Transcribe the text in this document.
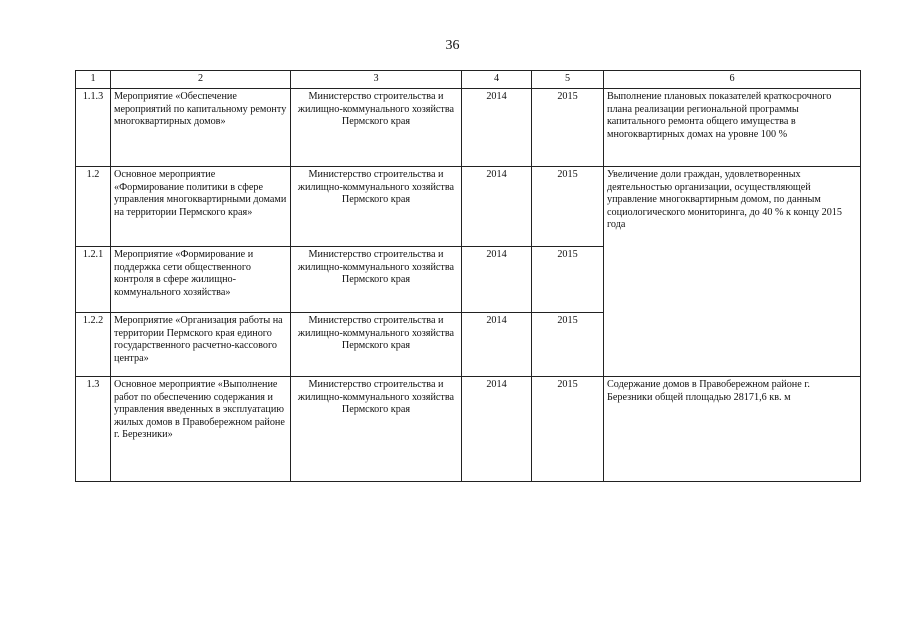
36
1	2	3	4	5	6
1.1.3	Мероприятие «Обеспечение мероприятий по капитальному ремонту многоквартирных домов»	Министерство строительства и жилищно-коммунального хозяйства Пермского края	2014	2015	Выполнение плановых показателей краткосрочного плана реализации региональной программы капитального ремонта общего имущества в многоквартирных домах на уровне 100 %
1.2	Основное мероприятие «Формирование политики в сфере управления многоквартирными домами на территории Пермского края»	Министерство строительства и жилищно-коммунального хозяйства Пермского края	2014	2015	Увеличение доли граждан, удовлетворенных деятельностью организации, осуществляющей управление многоквартирным домом, по данным социологического мониторинга, до 40 % к концу 2015 года
1.2.1	Мероприятие «Формирование и поддержка сети общественного контроля в сфере жилищно-коммунального хозяйства»	Министерство строительства и жилищно-коммунального хозяйства Пермского края	2014	2015	
1.2.2	Мероприятие «Организация работы на территории Пермского края единого государственного расчетно-кассового центра»	Министерство строительства и жилищно-коммунального хозяйства Пермского края	2014	2015	
1.3	Основное мероприятие «Выполнение работ по обеспечению содержания и управления введенных в эксплуатацию жилых домов в Правобережном районе г. Березники»	Министерство строительства и жилищно-коммунального хозяйства Пермского края	2014	2015	Содержание домов в Правобережном районе г. Березники общей площадью 28171,6 кв. м
